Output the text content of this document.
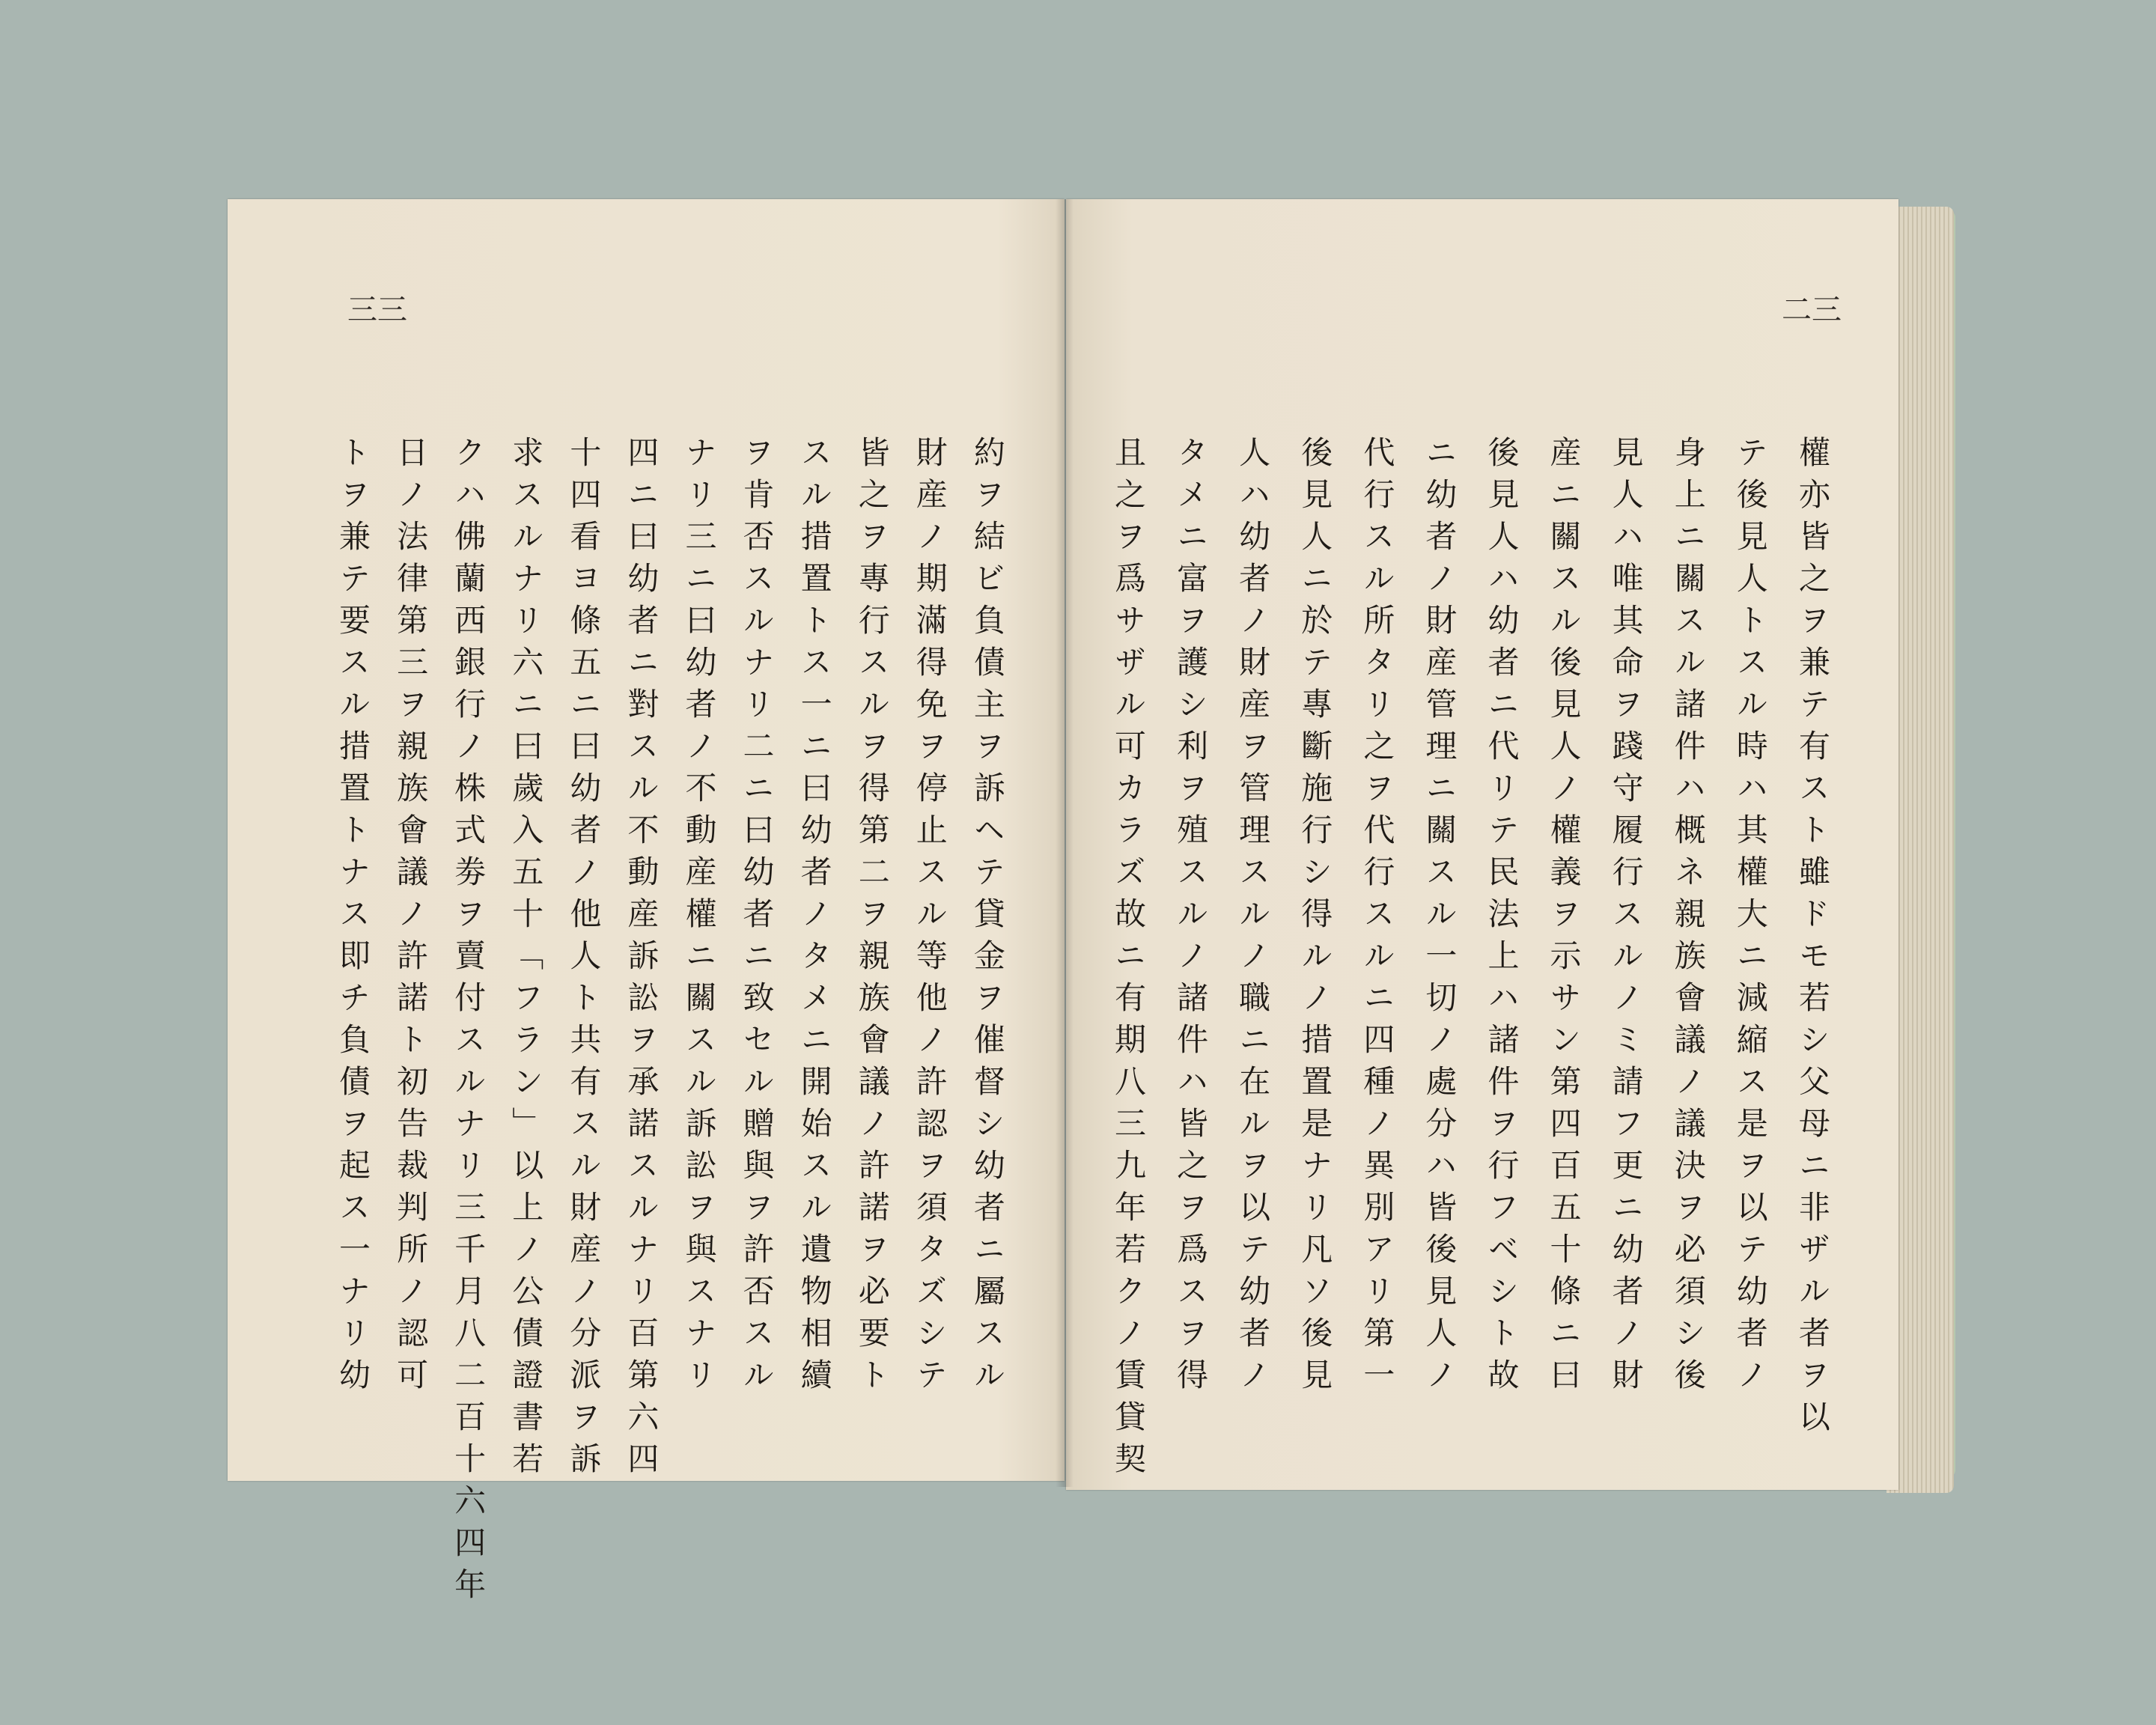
三三
約ヲ結ビ負債主ヲ訴ヘテ貸金ヲ催督シ幼者ニ屬スル
財産ノ期滿得免ヲ停止スル等他ノ許認ヲ須タズシテ
皆之ヲ專行スルヲ得第二ヲ親族會議ノ許諾ヲ必要ト
スル措置トス一ニ曰幼者ノタメニ開始スル遺物相續
ヲ肯否スルナリ二ニ曰幼者ニ致セル贈與ヲ許否スル
ナリ三ニ曰幼者ノ不動産權ニ關スル訴訟ヲ與スナリ
四ニ曰幼者ニ對スル不動産訴訟ヲ承諾スルナリ百第六四
十四看ヨ條五ニ曰幼者ノ他人ト共有スル財産ノ分派ヲ訴
求スルナリ六ニ曰歲入五十「フラン」以上ノ公債證書若
クハ佛蘭西銀行ノ株式劵ヲ賣付スルナリ三千月八二百十六四年
日ノ法律第三ヲ親族會議ノ許諾ト初告裁判所ノ認可
トヲ兼テ要スル措置トナス即チ負債ヲ起ス一ナリ幼
二三
權亦皆之ヲ兼テ有スト雖ドモ若シ父母ニ非ザル者ヲ以
テ後見人トスル時ハ其權大ニ減縮ス是ヲ以テ幼者ノ
身上ニ關スル諸件ハ概ネ親族會議ノ議決ヲ必須シ後
見人ハ唯其命ヲ踐守履行スルノミ請フ更ニ幼者ノ財
産ニ關スル後見人ノ權義ヲ示サン第四百五十條ニ曰
後見人ハ幼者ニ代リテ民法上ハ諸件ヲ行フベシト故
ニ幼者ノ財産管理ニ關スル一切ノ處分ハ皆後見人ノ
代行スル所タリ之ヲ代行スルニ四種ノ異別アリ第一
後見人ニ於テ專斷施行シ得ルノ措置是ナリ凡ソ後見
人ハ幼者ノ財産ヲ管理スルノ職ニ在ルヲ以テ幼者ノ
タメニ富ヲ護シ利ヲ殖スルノ諸件ハ皆之ヲ爲スヲ得
且之ヲ爲サザル可カラズ故ニ有期八三九年若クノ賃貸契
